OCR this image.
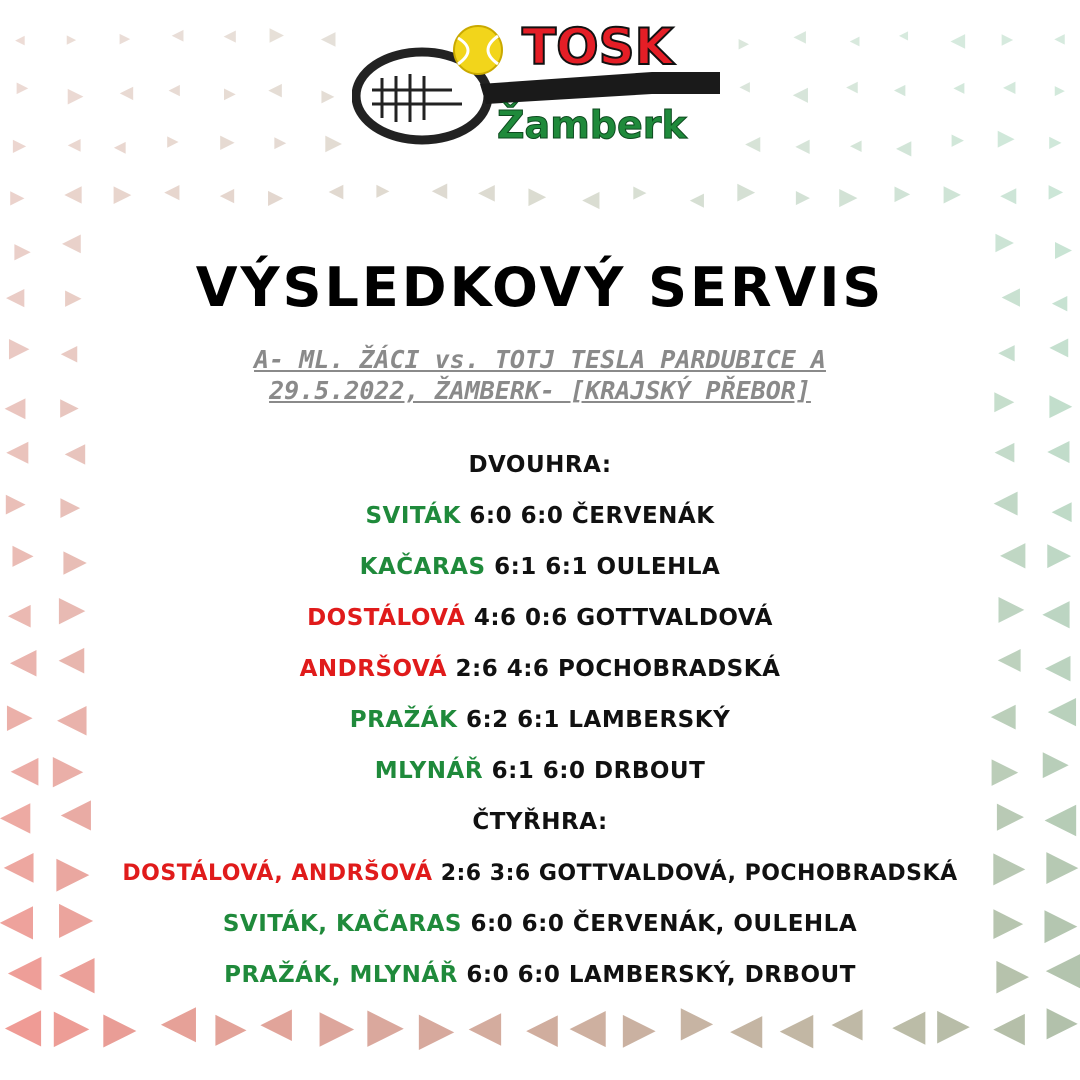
TOSK
Žamberk
VÝSLEDKOVÝ SERVIS
A- ML. ŽÁCI vs. TOTJ TESLA PARDUBICE A
29.5.2022, ŽAMBERK- [KRAJSKÝ PŘEBOR]
DVOUHRA:
SVITÁK 6:0 6:0 ČERVENÁK
KAČARAS 6:1 6:1 OULEHLA
DOSTÁLOVÁ 4:6 0:6 GOTTVALDOVÁ
ANDRŠOVÁ 2:6 4:6 POCHOBRADSKÁ
PRAŽÁK 6:2 6:1 LAMBERSKÝ
MLYNÁŘ 6:1 6:0 DRBOUT
ČTYŘHRA:
DOSTÁLOVÁ, ANDRŠOVÁ 2:6 3:6 GOTTVALDOVÁ, POCHOBRADSKÁ
SVITÁK, KAČARAS 6:0 6:0 ČERVENÁK, OULEHLA
PRAŽÁK, MLYNÁŘ 6:0 6:0 LAMBERSKÝ, DRBOUT
